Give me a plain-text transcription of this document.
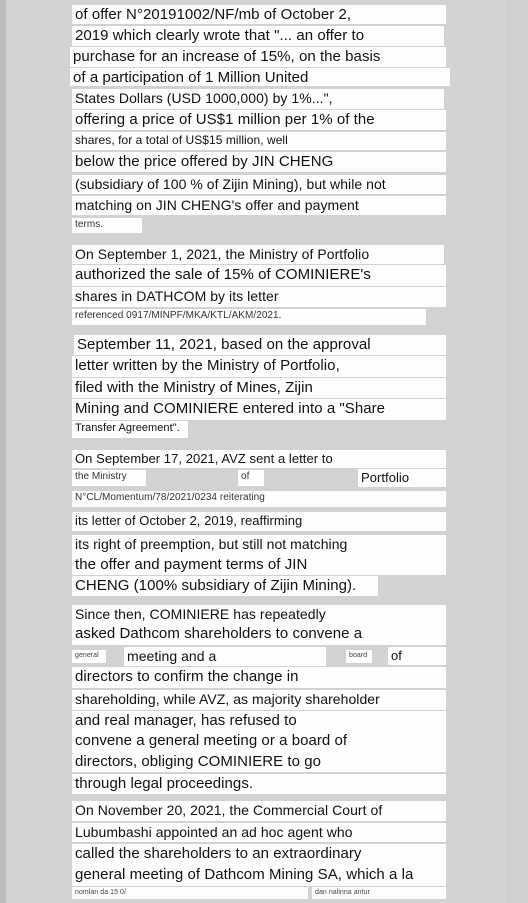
of offer N°20191002/NF/mb of October 2,
2019 which clearly wrote that "... an offer to
purchase for an increase of 15%, on the basis
of a participation of 1 Million United
States Dollars (USD 1000,000) by 1%...",
offering a price of US$1 million per 1% of the
shares, for a total of US$15 million, well
below the price offered by JIN CHENG
(subsidiary of 100 % of Zijin Mining), but while not
matching on JIN CHENG's offer and payment
terms.
On September 1, 2021, the Ministry of Portfolio
authorized the sale of 15% of COMINIERE's
shares in DATHCOM by its letter
referenced 0917/MINPF/MKA/KTL/AKM/2021.
September 11, 2021, based on the approval
letter written by the Ministry of Portfolio,
filed with the Ministry of Mines, Zijin
Mining and COMINIERE entered into a "Share
Transfer Agreement".
On September 17, 2021, AVZ sent a letter to
the Ministry	of	Portfolio
N°CL/Momentum/78/2021/0234 reiterating
its letter of October 2, 2019, reaffirming
its right of preemption, but still not matching
the offer and payment terms of JIN
CHENG (100% subsidiary of Zijin Mining).
Since then, COMINIERE has repeatedly
asked Dathcom shareholders to convene a
general	meeting and a	board	of
directors to confirm the change in
shareholding, while AVZ, as majority shareholder
and real manager, has refused to
convene a general meeting or a board of
directors, obliging COMINIERE to go
through legal proceedings.
On November 20, 2021, the Commercial Court of
Lubumbashi appointed an ad hoc agent who
called the shareholders to an extraordinary
general meeting of Dathcom Mining SA, which a la
nomlan da 15 0/	dan nalinna antur
